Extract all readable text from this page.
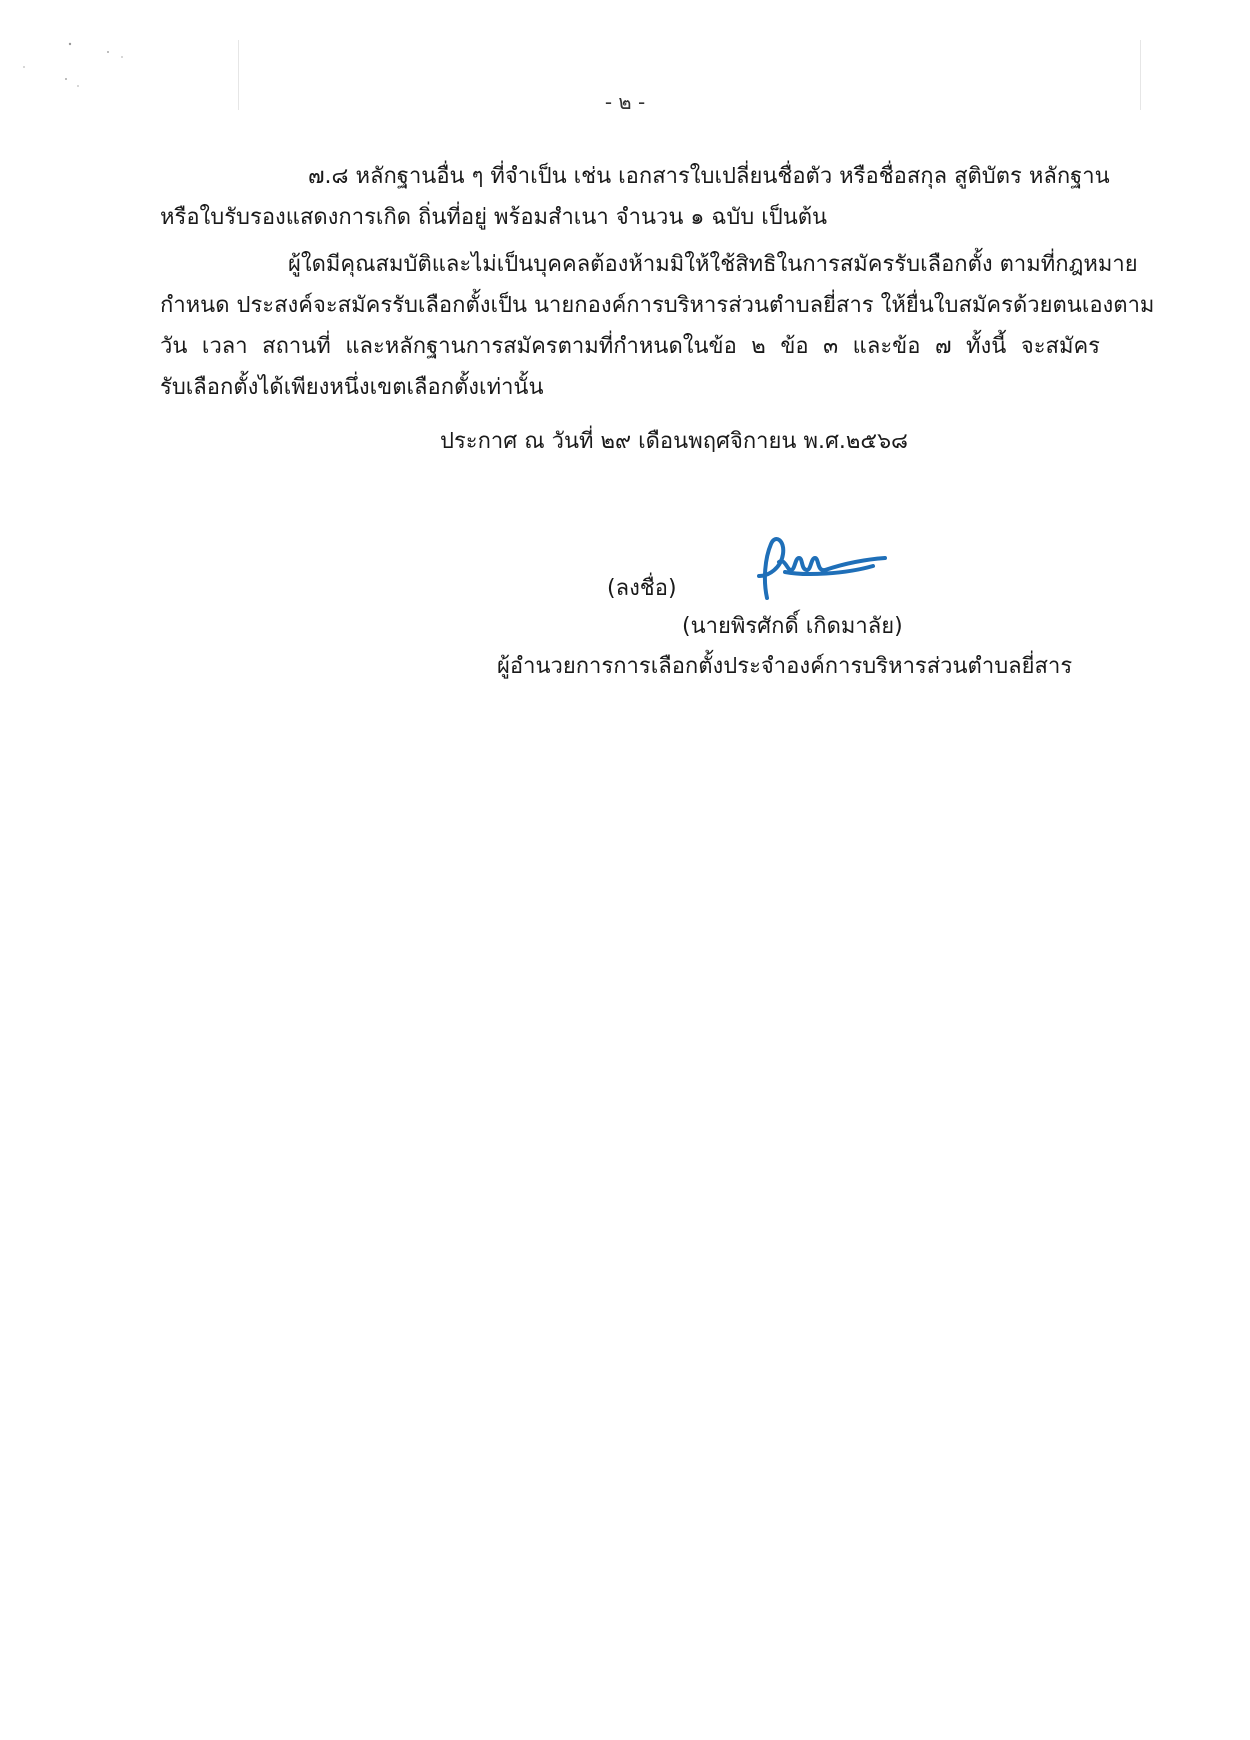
- ๒ -
๗.๘ หลักฐานอื่น ๆ ที่จำเป็น เช่น เอกสารใบเปลี่ยนชื่อตัว หรือชื่อสกุล สูติบัตร หลักฐาน
หรือใบรับรองแสดงการเกิด ถิ่นที่อยู่ พร้อมสำเนา จำนวน ๑ ฉบับ เป็นต้น
ผู้ใดมีคุณสมบัติและไม่เป็นบุคคลต้องห้ามมิให้ใช้สิทธิในการสมัครรับเลือกตั้ง ตามที่กฎหมาย
กำหนด ประสงค์จะสมัครรับเลือกตั้งเป็น นายกองค์การบริหารส่วนตำบลยี่สาร ให้ยื่นใบสมัครด้วยตนเองตาม
วัน เวลา สถานที่ และหลักฐานการสมัครตามที่กำหนดในข้อ ๒ ข้อ ๓ และข้อ ๗ ทั้งนี้ จะสมัคร
รับเลือกตั้งได้เพียงหนึ่งเขตเลือกตั้งเท่านั้น
ประกาศ ณ วันที่ ๒๙ เดือนพฤศจิกายน พ.ศ.๒๕๖๘
(ลงชื่อ)
(นายพิรศักดิ์ เกิดมาลัย)
ผู้อำนวยการการเลือกตั้งประจำองค์การบริหารส่วนตำบลยี่สาร
